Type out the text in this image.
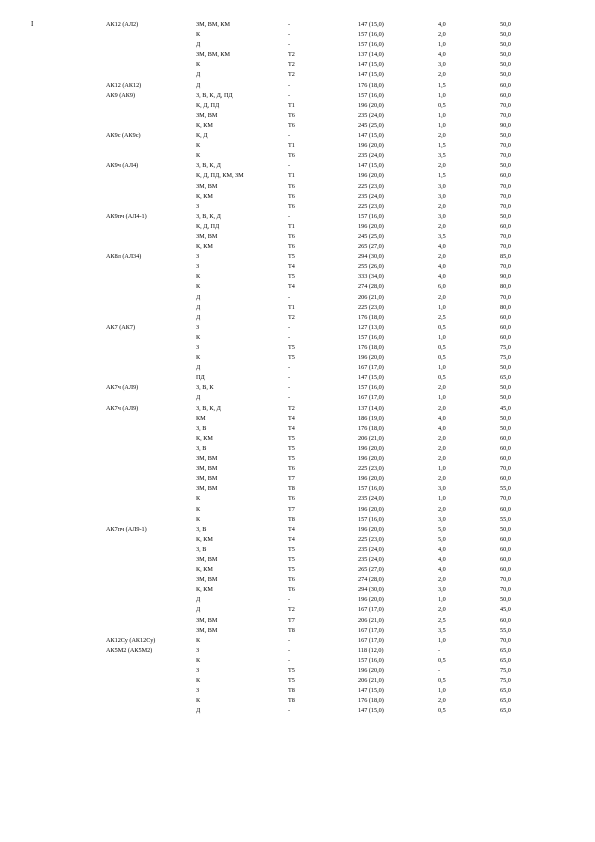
I	АК12 (АЛ2)	ЗМ, ВМ, КМ	-	147 (15,0)	4,0	50,0
	К	-	157 (16,0)	2,0	50,0
	Д	-	157 (16,0)	1,0	50,0
	ЗМ, ВМ, КМ	Т2	137 (14,0)	4,0	50,0
	К	Т2	147 (15,0)	3,0	50,0
	Д	Т2	147 (15,0)	2,0	50,0
АК12 (АК12)	Д	-	176 (18,0)	1,5	60,0
АК9 (АК9)	З, В, К, Д, ПД	-	157 (16,0)	1,0	60,0
	К, Д, ПД	Т1	196 (20,0)	0,5	70,0
	ЗМ, ВМ	Т6	235 (24,0)	1,0	70,0
	К, КМ	Т6	245 (25,0)	1,0	90,0
АК9с (АК9с)	К, Д	-	147 (15,0)	2,0	50,0
	К	Т1	196 (20,0)	1,5	70,0
	К	Т6	235 (24,0)	3,5	70,0
АК9ч (АЛ4)	З, В, К, Д	-	147 (15,0)	2,0	50,0
	К, Д, ПД, КМ, ЗМ	Т1	196 (20,0)	1,5	60,0
	ЗМ, ВМ	Т6	225 (23,0)	3,0	70,0
	К, КМ	Т6	235 (24,0)	3,0	70,0
	З	Т6	225 (23,0)	2,0	70,0
АК9пч (АЛ4-1)	З, В, К, Д	-	157 (16,0)	3,0	50,0
	К, Д, ПД	Т1	196 (20,0)	2,0	60,0
	ЗМ, ВМ	Т6	245 (25,0)	3,5	70,0
	К, КМ	Т6	265 (27,0)	4,0	70,0
АК8л (АЛ34)	З	Т5	294 (30,0)	2,0	85,0
	З	Т4	255 (26,0)	4,0	70,0
	К	Т5	333 (34,0)	4,0	90,0
	К	Т4	274 (28,0)	6,0	80,0
	Д	-	206 (21,0)	2,0	70,0
	Д	Т1	225 (23,0)	1,0	80,0
	Д	Т2	176 (18,0)	2,5	60,0
АК7 (АК7)	З	-	127 (13,0)	0,5	60,0
	К	-	157 (16,0)	1,0	60,0
	З	Т5	176 (18,0)	0,5	75,0
	К	Т5	196 (20,0)	0,5	75,0
	Д	-	167 (17,0)	1,0	50,0
	ПД	-	147 (15,0)	0,5	65,0
АК7ч (АЛ9)	З, В, К	-	157 (16,0)	2,0	50,0
	Д	-	167 (17,0)	1,0	50,0
АК7ч (АЛ9)	З, В, К, Д	Т2	137 (14,0)	2,0	45,0
	КМ	Т4	186 (19,0)	4,0	50,0
	З, В	Т4	176 (18,0)	4,0	50,0
	К, КМ	Т5	206 (21,0)	2,0	60,0
	З, В	Т5	196 (20,0)	2,0	60,0
	ЗМ, ВМ	Т5	196 (20,0)	2,0	60,0
	ЗМ, ВМ	Т6	225 (23,0)	1,0	70,0
	ЗМ, ВМ	Т7	196 (20,0)	2,0	60,0
	ЗМ, ВМ	Т8	157 (16,0)	3,0	55,0
	К	Т6	235 (24,0)	1,0	70,0
	К	Т7	196 (20,0)	2,0	60,0
	К	Т8	157 (16,0)	3,0	55,0
АК7пч (АЛ9-1)	З, В	Т4	196 (20,0)	5,0	50,0
	К, КМ	Т4	225 (23,0)	5,0	60,0
	З, В	Т5	235 (24,0)	4,0	60,0
	ЗМ, ВМ	Т5	235 (24,0)	4,0	60,0
	К, КМ	Т5	265 (27,0)	4,0	60,0
	ЗМ, ВМ	Т6	274 (28,0)	2,0	70,0
	К, КМ	Т6	294 (30,0)	3,0	70,0
	Д	-	196 (20,0)	1,0	50,0
	Д	Т2	167 (17,0)	2,0	45,0
	ЗМ, ВМ	Т7	206 (21,0)	2,5	60,0
	ЗМ, ВМ	Т8	167 (17,0)	3,5	55,0
АК12Су (АК12Су)	К	-	167 (17,0)	1,0	70,0
АК5М2 (АК5М2)	З	-	118 (12,0)	-	65,0
	К	-	157 (16,0)	0,5	65,0
	З	Т5	196 (20,0)	-	75,0
	К	Т5	206 (21,0)	0,5	75,0
	З	Т8	147 (15,0)	1,0	65,0
	К	Т8	176 (18,0)	2,0	65,0
	Д	-	147 (15,0)	0,5	65,0
